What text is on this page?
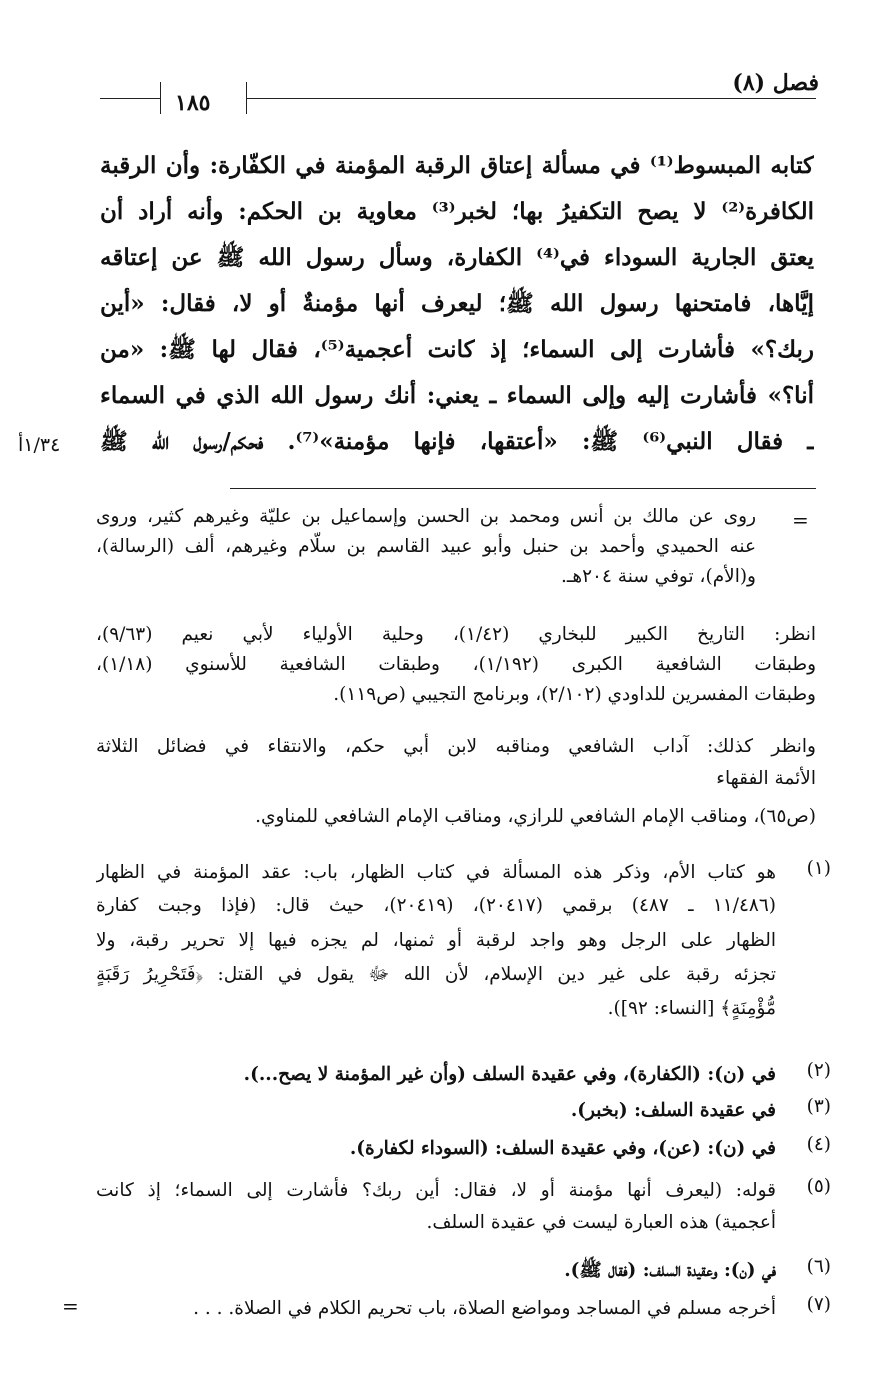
١٨٥
فصل (٨)
كتابه المبسوط⁽¹⁾ في مسألة إعتاق الرقبة المؤمنة في الكفّارة: وأن الرقبة
الكافرة⁽²⁾ لا يصح التكفيرُ بها؛ لخبر⁽³⁾ معاوية بن الحكم: وأنه أراد أن
يعتق الجارية السوداء في⁽⁴⁾ الكفارة، وسأل رسول الله ﷺ عن إعتاقه
إيَّاها، فامتحنها رسول الله ﷺ؛ ليعرف أنها مؤمنةٌ أو لا، فقال: «أين
ربك؟» فأشارت إلى السماء؛ إذ كانت أعجمية⁽⁵⁾، فقال لها ﷺ: «من
أنا؟» فأشارت إليه وإلى السماء ـ يعني: أنك رسول الله الذي في السماء
ـ فقال النبي⁽⁶⁾ ﷺ: «أعتقها، فإنها مؤمنة»⁽⁷⁾. فحكم/رسول الله ﷺ
١/٣٤أ
=
روى عن مالك بن أنس ومحمد بن الحسن وإسماعيل بن عليّة وغيرهم كثير، وروى
عنه الحميدي وأحمد بن حنبل وأبو عبيد القاسم بن سلّام وغيرهم، ألف (الرسالة)،
و(الأم)، توفي سنة ٢٠٤هـ.
انظر: التاريخ الكبير للبخاري (١/٤٢)، وحلية الأولياء لأبي نعيم (٩/٦٣)،
وطبقات الشافعية الكبرى (١/١٩٢)، وطبقات الشافعية للأسنوي (١/١٨)،
وطبقات المفسرين للداودي (٢/١٠٢)، وبرنامج التجيبي (ص١١٩).
وانظر كذلك: آداب الشافعي ومناقبه لابن أبي حكم، والانتقاء في فضائل الثلاثة
الأئمة الفقهاء
(ص٦٥)، ومناقب الإمام الشافعي للرازي، ومناقب الإمام الشافعي للمناوي.
(١)
هو كتاب الأم، وذكر هذه المسألة في كتاب الظهار، باب: عقد المؤمنة في الظهار
(١١/٤٨٦ ـ ٤٨٧) برقمي (٢٠٤١٧)، (٢٠٤١٩)، حيث قال: (فإذا وجبت كفارة
الظهار على الرجل وهو واجد لرقبة أو ثمنها، لم يجزه فيها إلا تحرير رقبة، ولا
تجزئه رقبة على غير دين الإسلام، لأن الله ﷻ يقول في القتل: ﴿فَتَحْرِيرُ رَقَبَةٍ
مُّؤْمِنَةٍ﴾ [النساء: ٩٢]).
(٢)
في (ن): (الكفارة)، وفي عقيدة السلف (وأن غير المؤمنة لا يصح...).
(٣)
في عقيدة السلف: (بخبر).
(٤)
في (ن): (عن)، وفي عقيدة السلف: (السوداء لكفارة).
(٥)
قوله: (ليعرف أنها مؤمنة أو لا، فقال: أين ربك؟ فأشارت إلى السماء؛ إذ كانت
أعجمية) هذه العبارة ليست في عقيدة السلف.
(٦)
في (ن): وعقيدة السلف: (فقال ﷺ).
(٧)
أخرجه مسلم في المساجد ومواضع الصلاة، باب تحريم الكلام في الصلاة. . . .
=
